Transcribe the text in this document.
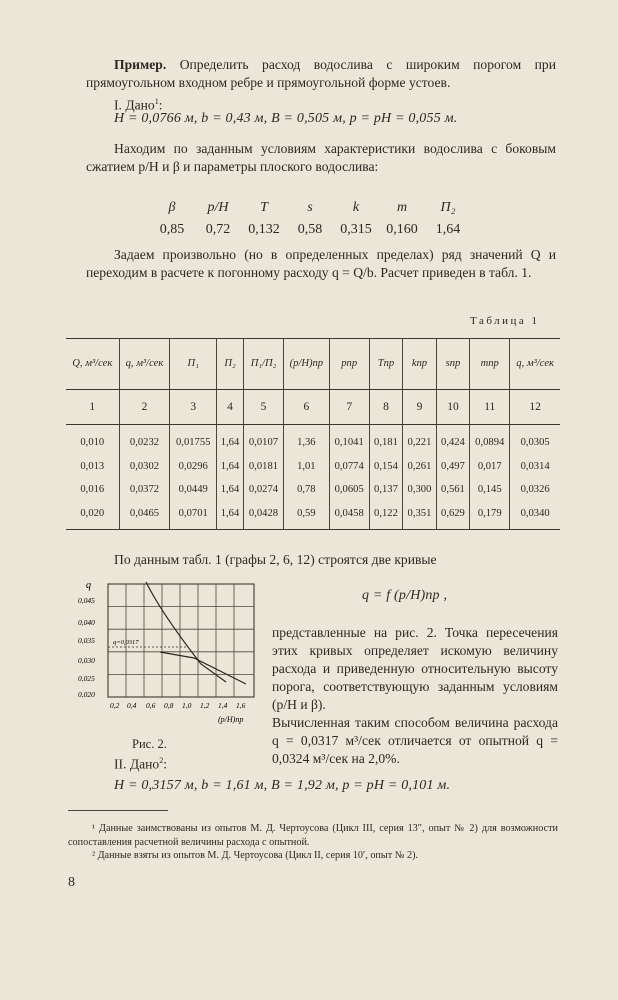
Пример. Определить расход водослива с широким порогом при прямоугольном входном ребре и прямоугольной форме устоев.

I. Дано$^1$:
H = 0,0766 м, b = 0,43 м, B = 0,505 м, p = pН = 0,055 м.

Находим по заданным условиям характеристики водослива с боковым сжатием p/H и β и параметры плоского водослива:

β	p/H	T	s	k	m	П₂
0,85	0,72	0,132	0,58	0,315	0,160	1,64

Задаем произвольно (но в определенных пределах) ряд значений Q и переходим в расчете к погонному расходу q = Q/b. Расчет приведен в табл. 1.

Таблица 1
Q, м³/сек	q, м³/сек	П₁	П₂	П₁/П₂	(p/H)пр	pпр	Tпр	kпр	sпр	mпр	q, м³/сек
1	2	3	4	5	6	7	8	9	10	11	12
0,010	0,0232	0,01755	1,64	0,0107	1,36	0,1041	0,181	0,221	0,424	0,0894	0,0305
0,013	0,0302	0,0296	1,64	0,0181	1,01	0,0774	0,154	0,261	0,497	0,017	0,0314
0,016	0,0372	0,0449	1,64	0,0274	0,78	0,0605	0,137	0,300	0,561	0,145	0,0326
0,020	0,0465	0,0701	1,64	0,0428	0,59	0,0458	0,122	0,351	0,629	0,179	0,0340

По данным табл. 1 (графы 2, 6, 12) строятся две кривые

q = f (p/H)пр ,
q
0,045
0,040
0,035
0,030
0,025
0,020
q=0,0317
0,2 0,4 0,6 0,8 1,0 1,2 1,4 1,6
(p/H)пр
Рис. 2.

представленные на рис. 2. Точка пересечения этих кривых определяет искомую величину расхода и приведенную относительную высоту порога, соответствующую заданным условиям (p/H и β).

Вычисленная таким способом величина расхода q = 0,0317 м³/сек отличается от опытной q = 0,0324 м³/сек на 2,0%.

II. Дано$^2$:
H = 0,3157 м, b = 1,61 м, B = 1,92 м, p = pН = 0,101 м.

¹ Данные заимствованы из опытов М. Д. Чертоусова (Цикл III, серия 13″, опыт № 2) для возможности сопоставления расчетной величины расхода с опытной.

² Данные взяты из опытов М. Д. Чертоусова (Цикл II, серия 10′, опыт № 2).

8
